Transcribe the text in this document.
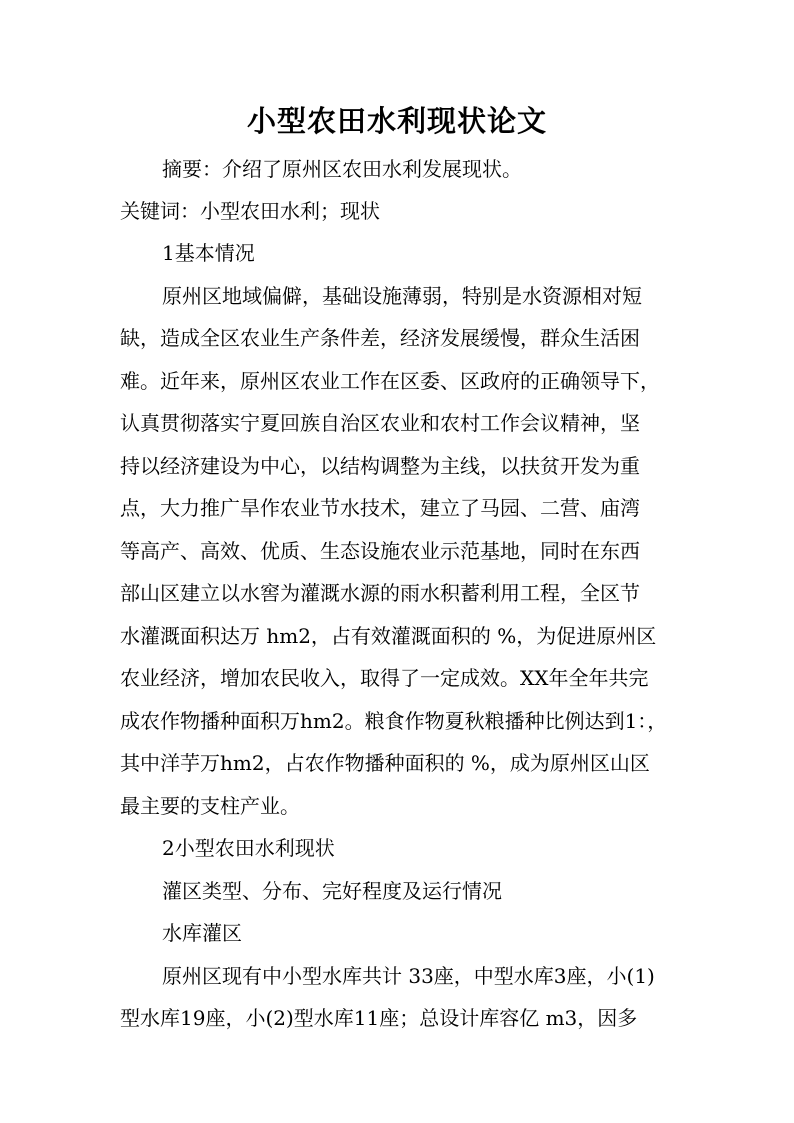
小型农田水利现状论文
摘要：介绍了原州区农田水利发展现状。
关键词：小型农田水利；现状
1基本情况
原州区地域偏僻，基础设施薄弱，特别是水资源相对短
缺，造成全区农业生产条件差，经济发展缓慢，群众生活困
难。近年来，原州区农业工作在区委、区政府的正确领导下，
认真贯彻落实宁夏回族自治区农业和农村工作会议精神，坚
持以经济建设为中心，以结构调整为主线，以扶贫开发为重
点，大力推广旱作农业节水技术，建立了马园、二营、庙湾
等高产、高效、优质、生态设施农业示范基地，同时在东西
部山区建立以水窖为灌溉水源的雨水积蓄利用工程，全区节
水灌溉面积达万 hm2，占有效灌溉面积的 %，为促进原州区
农业经济，增加农民收入，取得了一定成效。XX年全年共完
成农作物播种面积万hm2。粮食作物夏秋粮播种比例达到1：，
其中洋芋万hm2，占农作物播种面积的 %，成为原州区山区
最主要的支柱产业。
2小型农田水利现状
灌区类型、分布、完好程度及运行情况
水库灌区
原州区现有中小型水库共计 33座，中型水库3座，小(1)
型水库19座，小(2)型水库11座；总设计库容亿 m3，因多
